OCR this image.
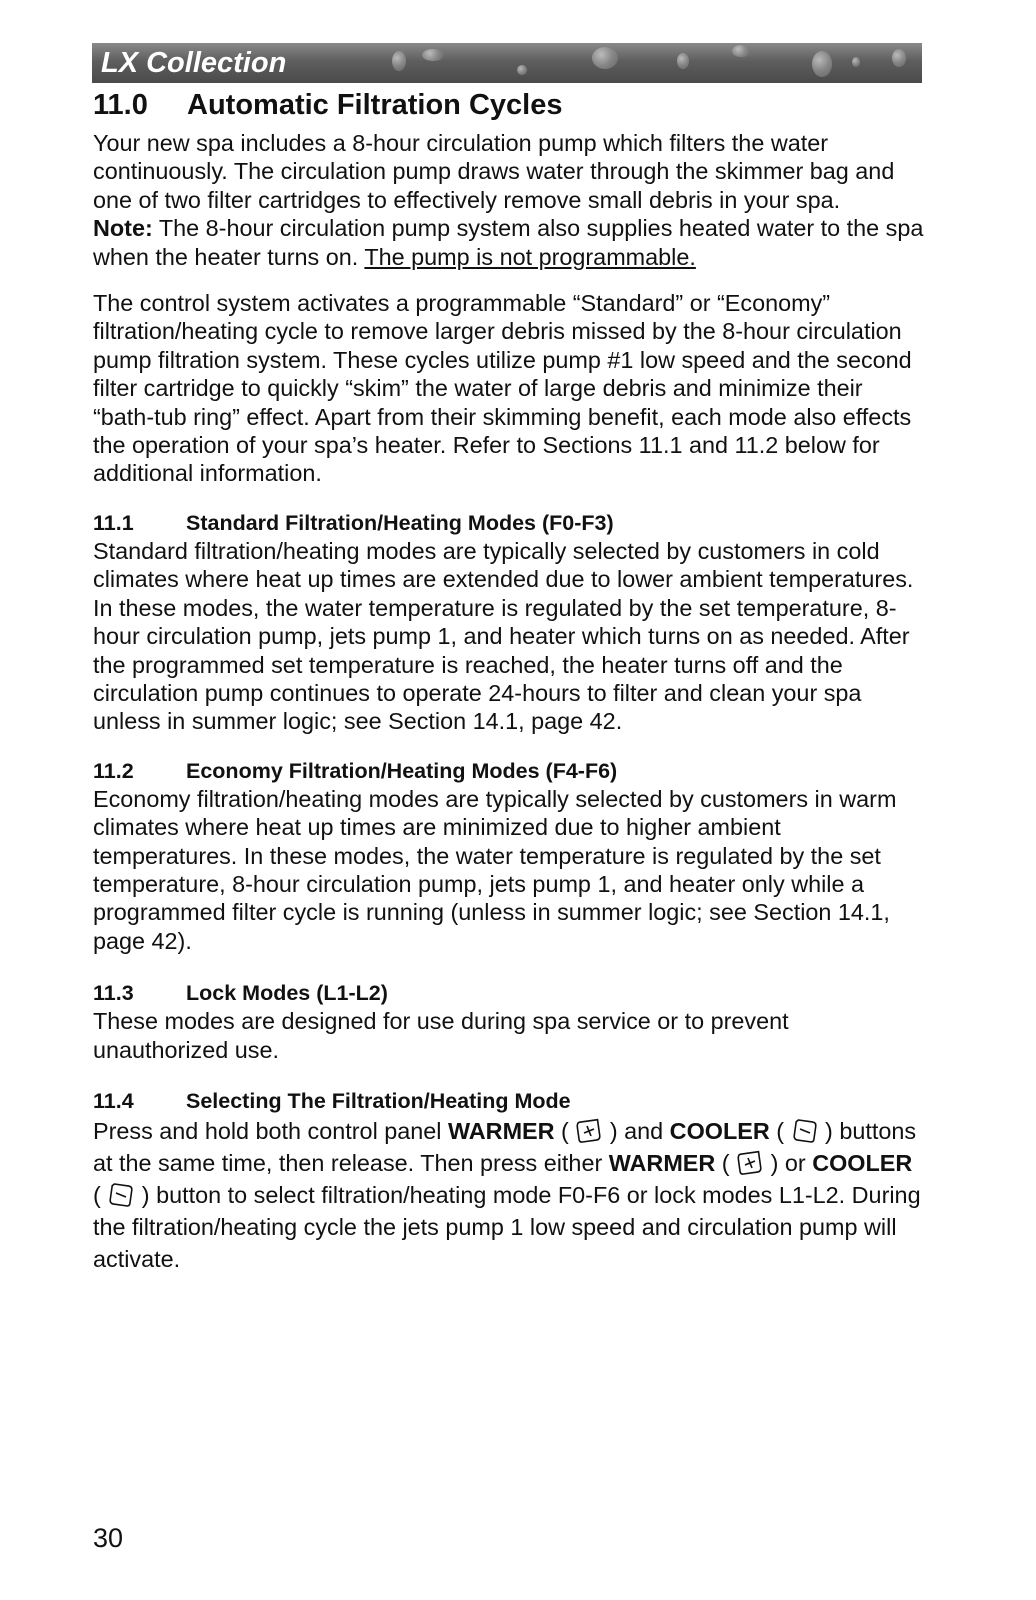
LX Collection
11.0 Automatic Filtration Cycles

Your new spa includes a 8-hour circulation pump which filters the water continuously. The circulation pump draws water through the skimmer bag and one of two filter cartridges to effectively remove small debris in your spa.
Note: The 8-hour circulation pump system also supplies heated water to the spa when the heater turns on. The pump is not programmable.

The control system activates a programmable “Standard” or “Economy” filtration/heating cycle to remove larger debris missed by the 8-hour circulation pump filtration system. These cycles utilize pump #1 low speed and the second filter cartridge to quickly “skim” the water of large debris and minimize their “bath-tub ring” effect. Apart from their skimming benefit, each mode also effects the operation of your spa’s heater. Refer to Sections 11.1 and 11.2 below for additional information.

11.1 Standard Filtration/Heating Modes (F0-F3)

Standard filtration/heating modes are typically selected by customers in cold climates where heat up times are extended due to lower ambient temperatures. In these modes, the water temperature is regulated by the set temperature, 8-hour circulation pump, jets pump 1, and heater which turns on as needed. After the programmed set temperature is reached, the heater turns off and the circulation pump continues to operate 24-hours to filter and clean your spa unless in summer logic; see Section 14.1, page 42.

11.2 Economy Filtration/Heating Modes (F4-F6)

Economy filtration/heating modes are typically selected by customers in warm climates where heat up times are minimized due to higher ambient temperatures. In these modes, the water temperature is regulated by the set temperature, 8-hour circulation pump, jets pump 1, and heater only while a programmed filter cycle is running (unless in summer logic; see Section 14.1, page 42).

11.3 Lock Modes (L1-L2)

These modes are designed for use during spa service or to prevent unauthorized use.

11.4 Selecting The Filtration/Heating Mode

Press and hold both control panel WARMER (  ) and COOLER (  ) buttons at the same time, then release. Then press either WARMER (  ) or COOLER (  ) button to select filtration/heating mode F0-F6 or lock modes L1-L2. During the filtration/heating cycle the jets pump 1 low speed and circulation pump will activate.

30
